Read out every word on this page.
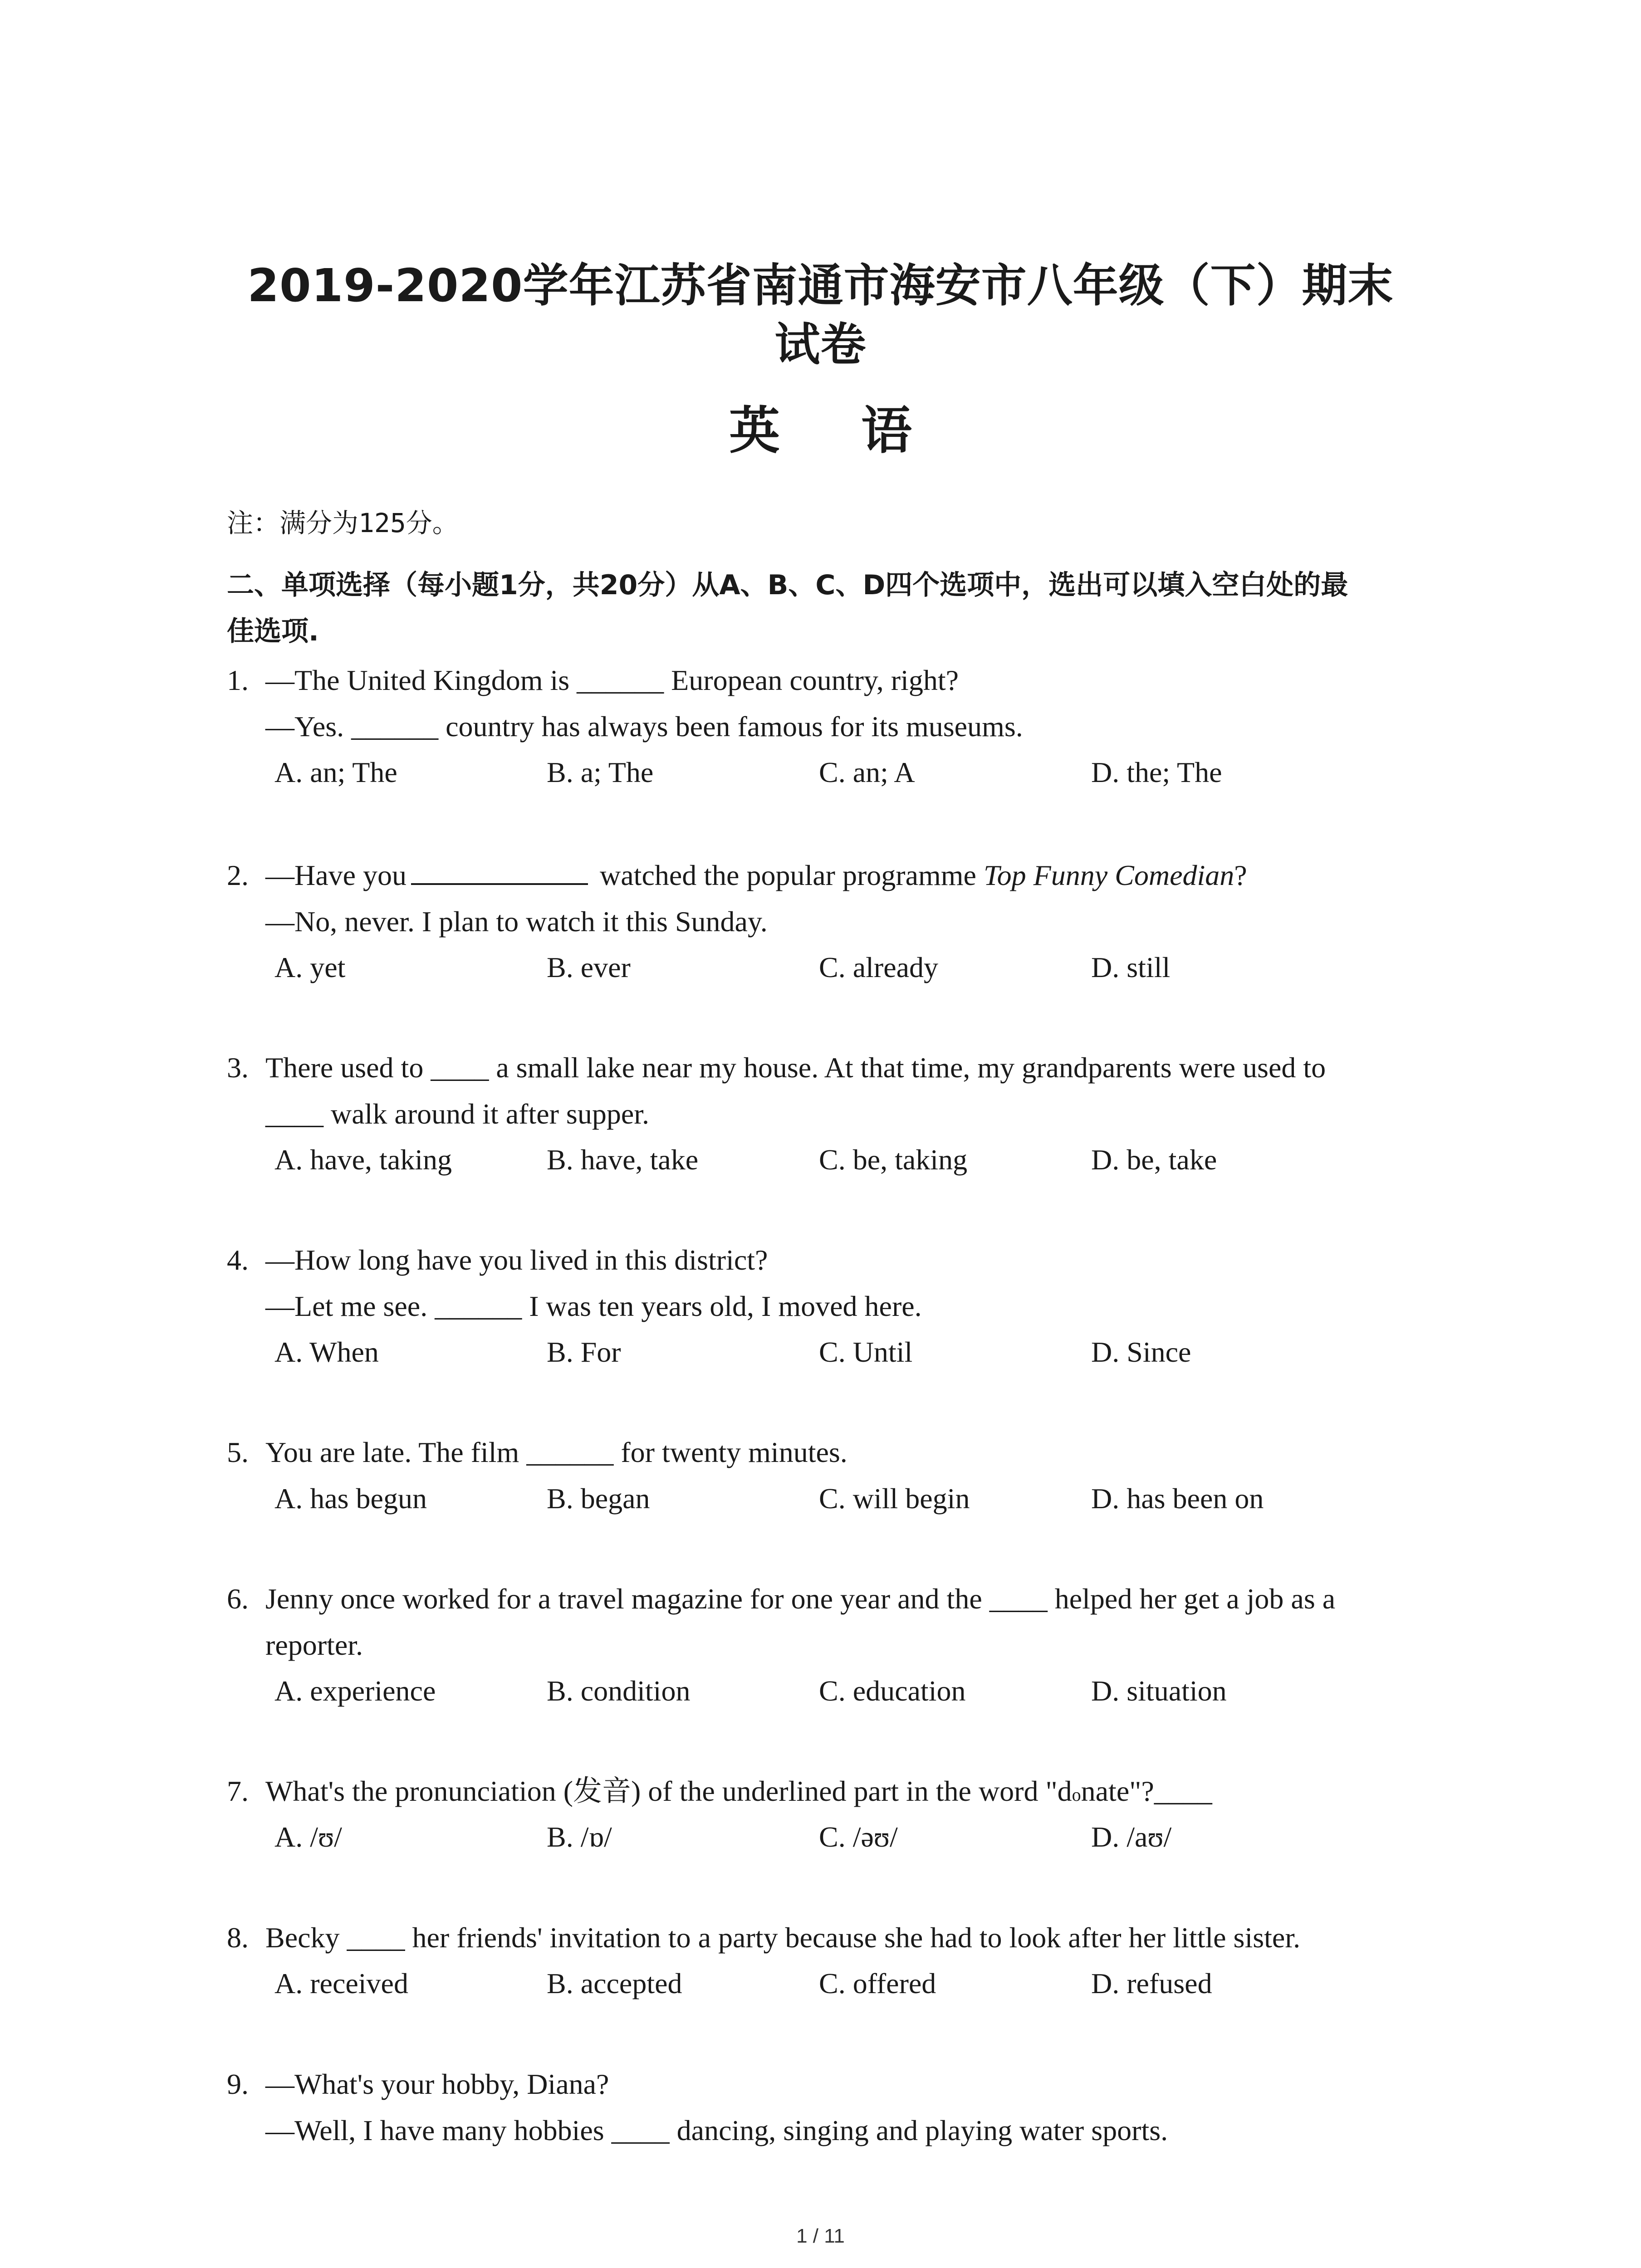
2019-2020学年江苏省南通市海安市八年级（下）期末
试卷
英 语
注：满分为125分。
二、单项选择（每小题1分，共20分）从A、B、C、D四个选项中，选出可以填入空白处的最
佳选项.
1. —The United Kingdom is ______ European country, right?
—Yes. ______ country has always been famous for its museums.
A. an; The	B. a; The	C. an; A	D. the; The
2. —Have you	watched the popular programme Top Funny Comedian?
—No, never. I plan to watch it this Sunday.
A. yet	B. ever	C. already	D. still
3. There used to ____ a small lake near my house. At that time, my grandparents were used to
____ walk around it after supper.
A. have, taking	B. have, take	C. be, taking	D. be, take
4. —How long have you lived in this district?
—Let me see. ______ I was ten years old, I moved here.
A. When	B. For	C. Until	D. Since
5. You are late. The film ______ for twenty minutes.
A. has begun	B. began	C. will begin	D. has been on
6. Jenny once worked for a travel magazine for one year and the ____ helped her get a job as a
reporter.
A. experience	B. condition	C. education	D. situation
7. What's the pronunciation (发音) of the underlined part in the word "donate"?____
A. /ʊ/	B. /ɒ/	C. /əʊ/	D. /aʊ/
8. Becky ____ her friends' invitation to a party because she had to look after her little sister.
A. received	B. accepted	C. offered	D. refused
9. —What's your hobby, Diana?
—Well, I have many hobbies ____ dancing, singing and playing water sports.
1 / 11
